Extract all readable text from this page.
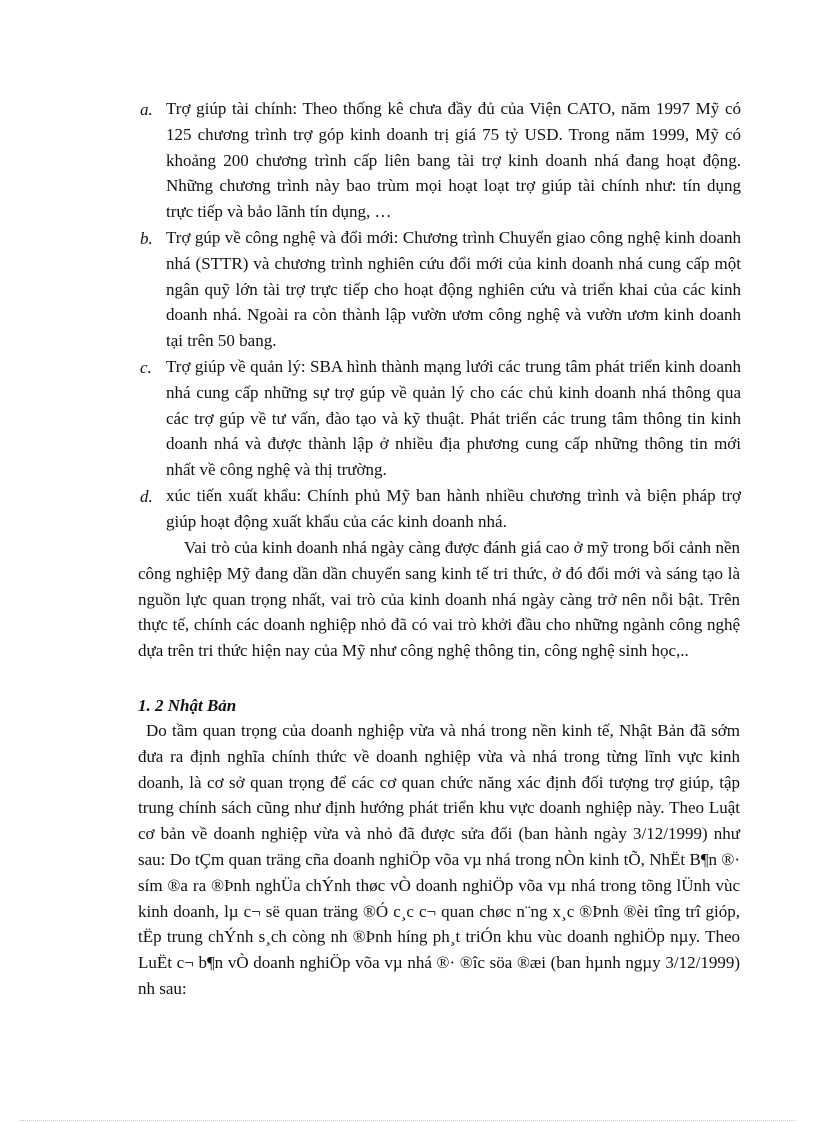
a. Trợ giúp tài chính: Theo thống kê chưa đầy đủ của Viện CATO, năm 1997 Mỹ có 125 chương trình trợ góp kinh doanh trị giá 75 tỷ USD. Trong năm 1999, Mỹ có khoảng 200 chương trình cấp liên bang tài trợ kinh doanh nhá đang hoạt động. Những chương trình này bao trùm mọi hoạt loạt trợ giúp tài chính như: tín dụng trực tiếp và bảo lãnh tín dụng, …
b. Trợ gúp về công nghệ và đổi mới: Chương trình Chuyển giao công nghệ kinh doanh nhá (STTR) và chương trình nghiên cứu đổi mới của kinh doanh nhá cung cấp một ngân quỹ lớn tài trợ trực tiếp cho hoạt động nghiên cứu và triển khai của các kinh doanh nhá. Ngoài ra còn thành lập vườn ươm công nghệ và vườn ươm kinh doanh tại trên 50 bang.
c. Trợ giúp về quản lý: SBA hình thành mạng lưới các trung tâm phát triển kinh doanh nhá cung cấp những sự trợ gúp về quản lý cho các chủ kinh doanh nhá thông qua các trợ gúp về tư vấn, đào tạo và kỹ thuật. Phát triển các trung tâm thông tin kinh doanh nhá và được thành lập ở nhiều địa phương cung cấp những thông tin mới nhất về công nghệ và thị trường.
d. xúc tiến xuất khẩu: Chính phủ Mỹ ban hành nhiều chương trình và biện pháp trợ giúp hoạt động xuất khẩu của các kinh doanh nhá.
Vai trò của kinh doanh nhá ngày càng được đánh giá cao ở mỹ trong bối cảnh nền công nghiệp Mỹ đang dần dần chuyển sang kinh tế tri thức, ở đó đổi mới và sáng tạo là nguồn lực quan trọng nhất, vai trò của kinh doanh nhá ngày càng trở nên nỗi bật. Trên thực tế, chính các doanh nghiệp nhỏ đã có vai trò khởi đầu cho những ngành công nghệ dựa trên tri thức hiện nay của Mỹ như công nghệ thông tin, công nghệ sinh học,..
1. 2 Nhật Bản
Do tầm quan trọng của doanh nghiệp vừa và nhá trong nền kinh tế, Nhật Bản đã sớm đưa ra định nghĩa chính thức về doanh nghiệp vừa và nhá trong từng lĩnh vực kinh doanh, là cơ sở quan trọng để các cơ quan chức năng xác định đối tượng trợ giúp, tập trung chính sách cũng như định hướng phát triển khu vực doanh nghiệp này. Theo Luật cơ bản về doanh nghiệp vừa và nhỏ đã được sửa đổi (ban hành ngày 3/12/1999) như sau: Do tÇm quan träng cña doanh nghiÖp võa vµ nhá trong nÒn kinh tÕ, NhËt B¶n ®· sím ®a ra ®Þnh nghÜa chÝnh thøc vÒ doanh nghiÖp võa vµ nhá trong tõng lÜnh vùc kinh doanh, lµ c¬ së quan träng ®Ó c¸c c¬ quan chøc n¨ng x¸c ®Þnh ®èi tîng trî gióp, tËp trung chÝnh s¸ch còng nh ®Þnh híng ph¸t triÓn khu vùc doanh nghiÖp nµy. Theo LuËt c¬ b¶n vÒ doanh nghiÖp võa vµ nhá ®· ®îc söa ®æi (ban hµnh ngµy 3/12/1999) nh sau:
